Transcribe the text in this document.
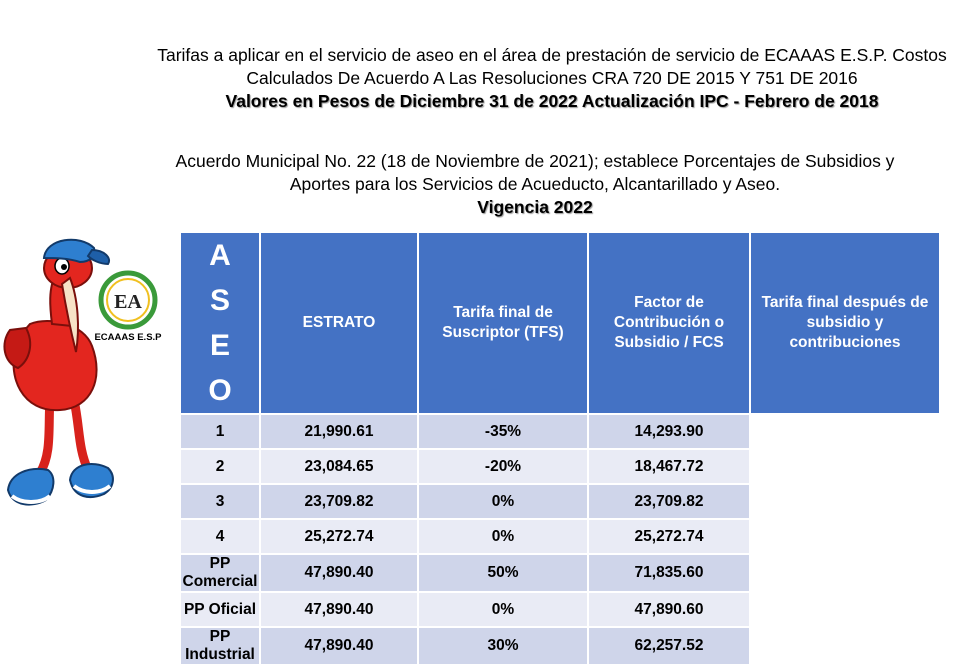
Tarifas a aplicar en el servicio de aseo en el área de prestación de servicio de ECAAAS E.S.P. Costos
Calculados De Acuerdo A Las Resoluciones CRA 720 DE 2015 Y 751 DE 2016
Valores en Pesos de Diciembre 31 de 2022 Actualización IPC - Febrero de 2018
Acuerdo Municipal No. 22 (18 de Noviembre de 2021); establece Porcentajes de Subsidios y
Aportes para los Servicios de Acueducto, Alcantarillado y Aseo.
Vigencia 2022
EA
ECAAAS E.S.P
A
S
E
O	ESTRATO	Tarifa final de Suscriptor (TFS)	Factor de Contribución o Subsidio / FCS	Tarifa final después de subsidio y contribuciones
1	21,990.61	-35%	14,293.90	
2	23,084.65	-20%	18,467.72	
3	23,709.82	0%	23,709.82	
4	25,272.74	0%	25,272.74	
PP Comercial	47,890.40	50%	71,835.60	
PP Oficial	47,890.40	0%	47,890.60	
PP Industrial	47,890.40	30%	62,257.52	
